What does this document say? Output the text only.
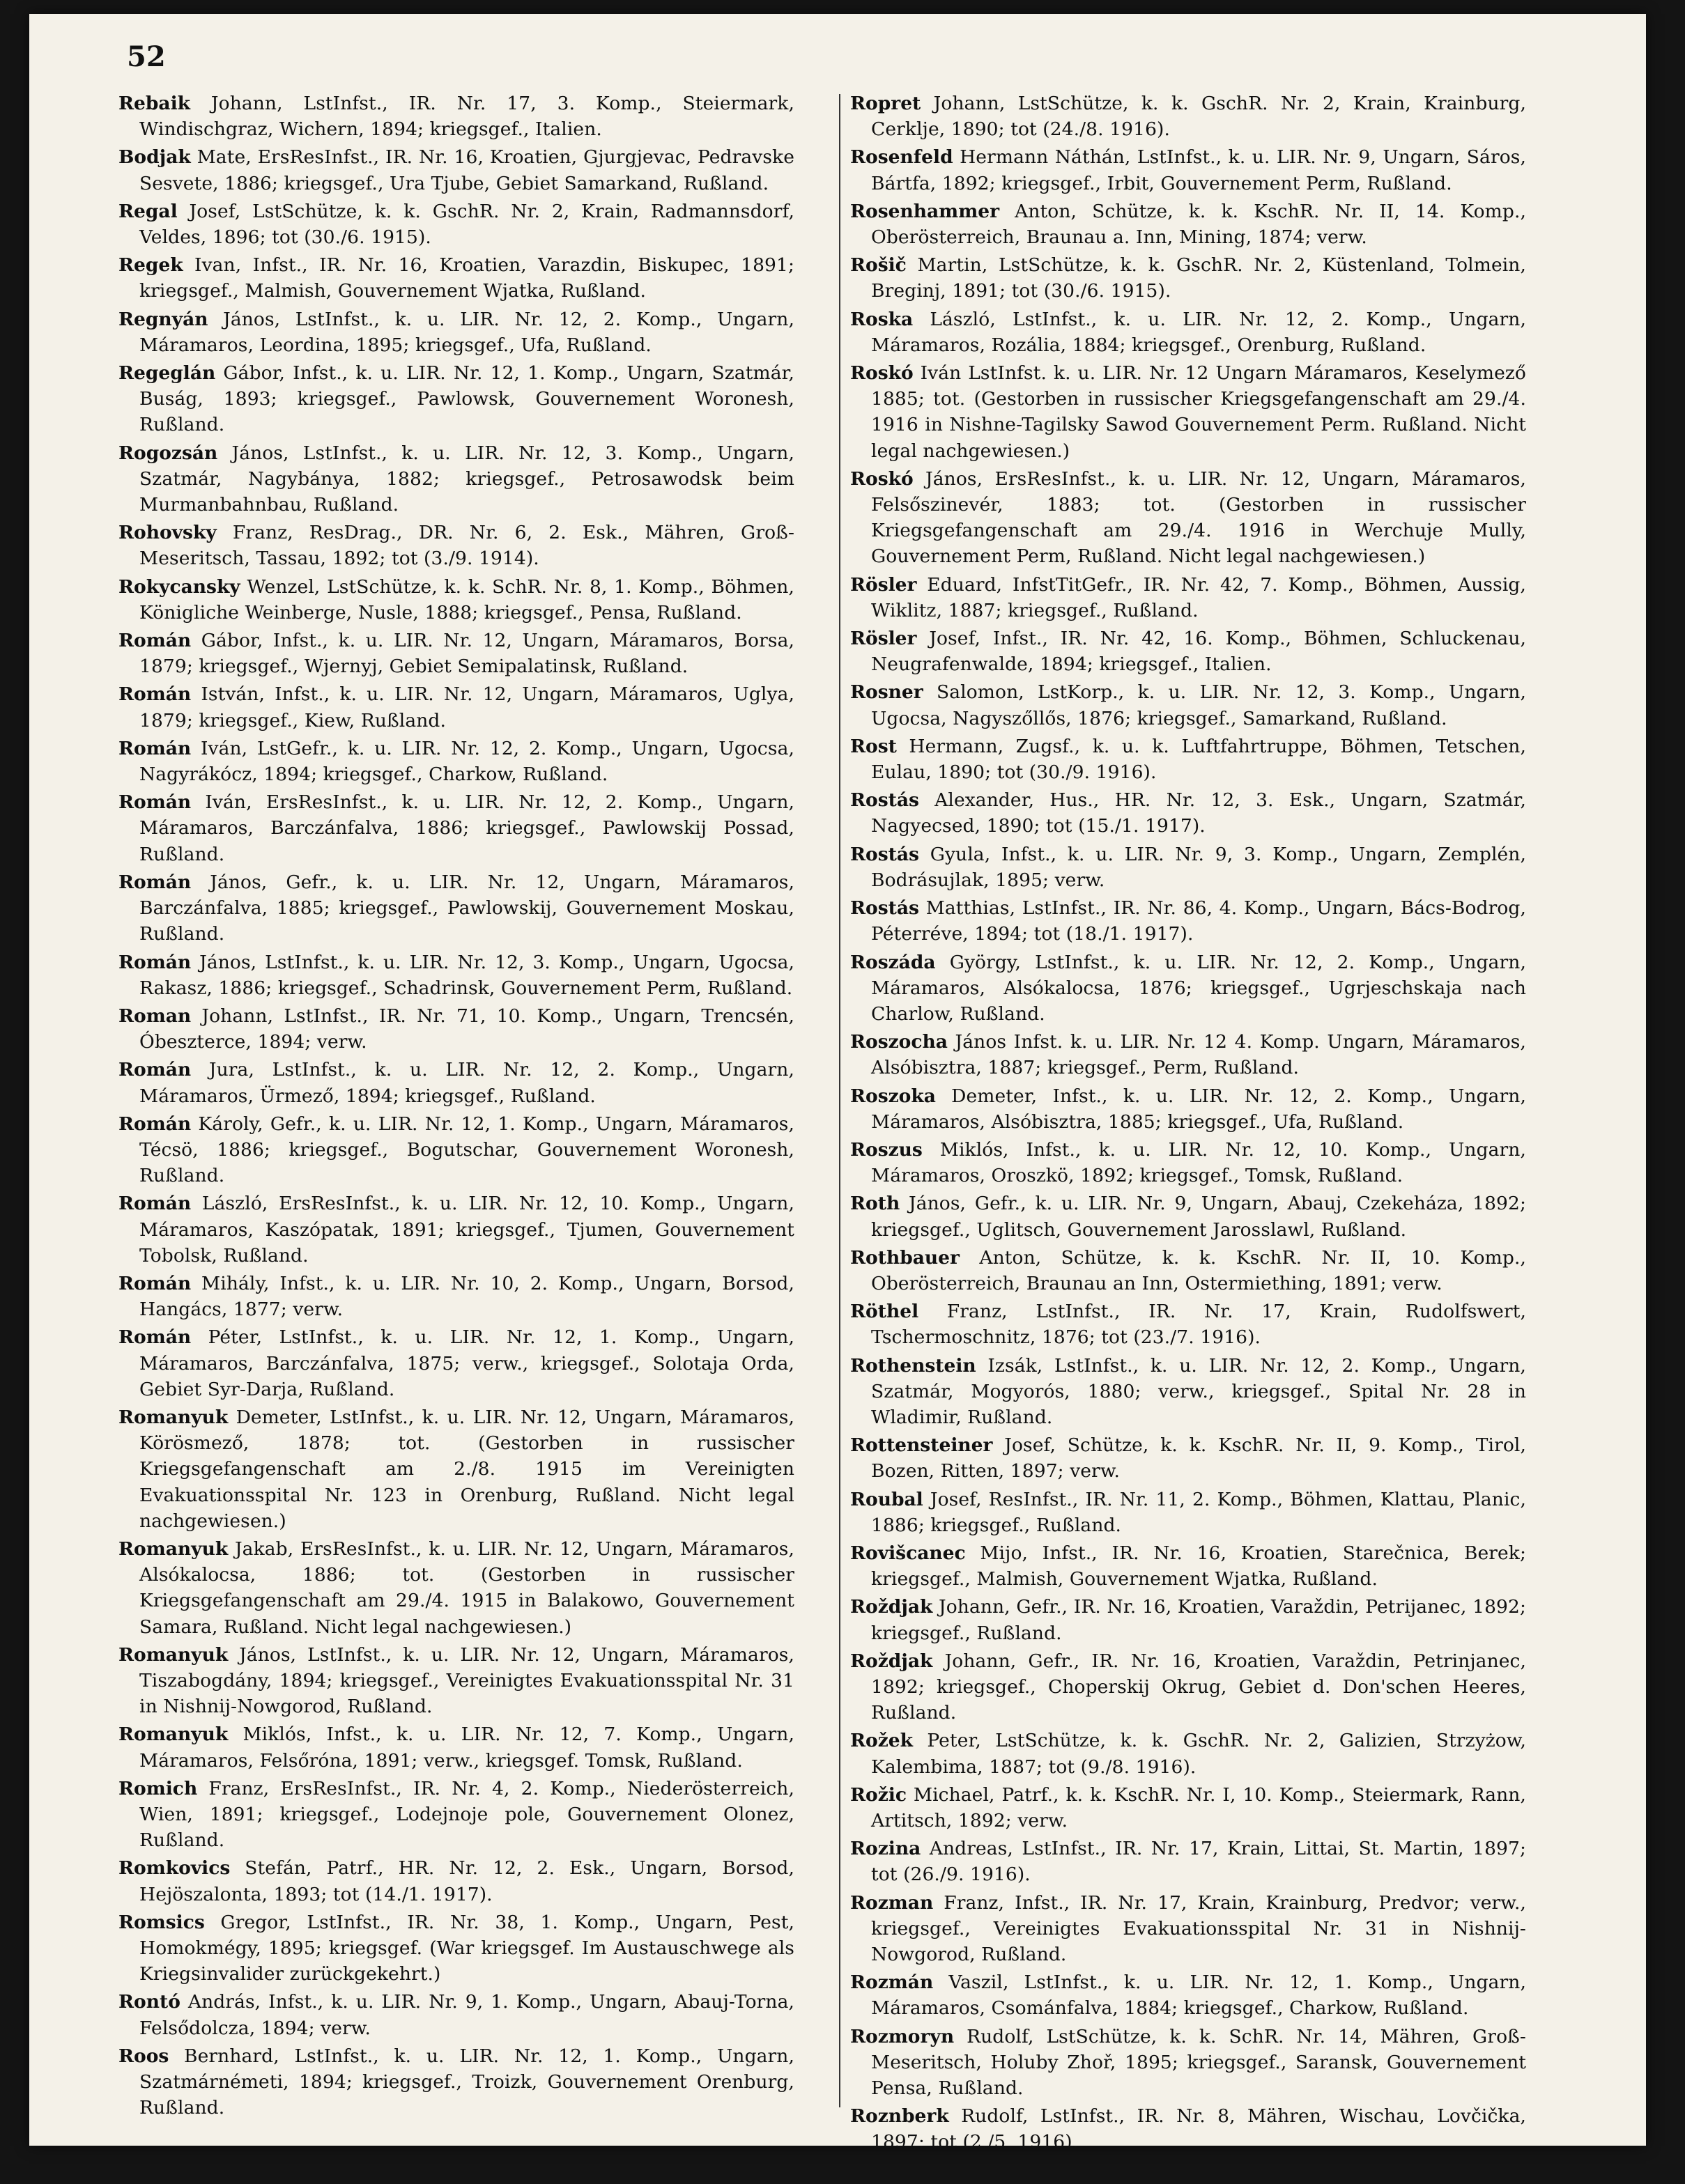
52

Rebaik Johann, LstInfst., IR. Nr. 17, 3. Komp., Steiermark, Windischgraz, Wichern, 1894; kriegsgef., Italien.

Bodjak Mate, ErsResInfst., IR. Nr. 16, Kroatien, Gjurgjevac, Pedravske Sesvete, 1886; kriegsgef., Ura Tjube, Gebiet Samarkand, Rußland.

Regal Josef, LstSchütze, k. k. GschR. Nr. 2, Krain, Radmannsdorf, Veldes, 1896; tot (30./6. 1915).

Regek Ivan, Infst., IR. Nr. 16, Kroatien, Varazdin, Biskupec, 1891; kriegsgef., Malmish, Gouvernement Wjatka, Rußland.

Regnyán János, LstInfst., k. u. LIR. Nr. 12, 2. Komp., Ungarn, Máramaros, Leordina, 1895; kriegsgef., Ufa, Rußland.

Regeglán Gábor, Infst., k. u. LIR. Nr. 12, 1. Komp., Ungarn, Szatmár, Buság, 1893; kriegsgef., Pawlowsk, Gouvernement Woronesh, Rußland.

Rogozsán János, LstInfst., k. u. LIR. Nr. 12, 3. Komp., Ungarn, Szatmár, Nagybánya, 1882; kriegsgef., Petrosawodsk beim Murmanbahnbau, Rußland.

Rohovsky Franz, ResDrag., DR. Nr. 6, 2. Esk., Mähren, Groß-Meseritsch, Tassau, 1892; tot (3./9. 1914).

Rokycansky Wenzel, LstSchütze, k. k. SchR. Nr. 8, 1. Komp., Böhmen, Königliche Weinberge, Nusle, 1888; kriegsgef., Pensa, Rußland.

Román Gábor, Infst., k. u. LIR. Nr. 12, Ungarn, Máramaros, Borsa, 1879; kriegsgef., Wjernyj, Gebiet Semipalatinsk, Rußland.

Román István, Infst., k. u. LIR. Nr. 12, Ungarn, Máramaros, Uglya, 1879; kriegsgef., Kiew, Rußland.

Román Iván, LstGefr., k. u. LIR. Nr. 12, 2. Komp., Ungarn, Ugocsa, Nagyrákócz, 1894; kriegsgef., Charkow, Rußland.

Román Iván, ErsResInfst., k. u. LIR. Nr. 12, 2. Komp., Ungarn, Máramaros, Barczánfalva, 1886; kriegsgef., Pawlowskij Possad, Rußland.

Román János, Gefr., k. u. LIR. Nr. 12, Ungarn, Máramaros, Barczánfalva, 1885; kriegsgef., Pawlowskij, Gouvernement Moskau, Rußland.

Román János, LstInfst., k. u. LIR. Nr. 12, 3. Komp., Ungarn, Ugocsa, Rakasz, 1886; kriegsgef., Schadrinsk, Gouvernement Perm, Rußland.

Roman Johann, LstInfst., IR. Nr. 71, 10. Komp., Ungarn, Trencsén, Óbeszterce, 1894; verw.

Román Jura, LstInfst., k. u. LIR. Nr. 12, 2. Komp., Ungarn, Máramaros, Ürmező, 1894; kriegsgef., Rußland.

Román Károly, Gefr., k. u. LIR. Nr. 12, 1. Komp., Ungarn, Máramaros, Técsö, 1886; kriegsgef., Bogutschar, Gouvernement Woronesh, Rußland.

Román László, ErsResInfst., k. u. LIR. Nr. 12, 10. Komp., Ungarn, Máramaros, Kaszópatak, 1891; kriegsgef., Tjumen, Gouvernement Tobolsk, Rußland.

Román Mihály, Infst., k. u. LIR. Nr. 10, 2. Komp., Ungarn, Borsod, Hangács, 1877; verw.

Román Péter, LstInfst., k. u. LIR. Nr. 12, 1. Komp., Ungarn, Máramaros, Barczánfalva, 1875; verw., kriegsgef., Solotaja Orda, Gebiet Syr-Darja, Rußland.

Romanyuk Demeter, LstInfst., k. u. LIR. Nr. 12, Ungarn, Máramaros, Körösmező, 1878; tot. (Gestorben in russischer Kriegsgefangenschaft am 2./8. 1915 im Vereinigten Evakuationsspital Nr. 123 in Orenburg, Rußland. Nicht legal nachgewiesen.)

Romanyuk Jakab, ErsResInfst., k. u. LIR. Nr. 12, Ungarn, Máramaros, Alsókalocsa, 1886; tot. (Gestorben in russischer Kriegsgefangenschaft am 29./4. 1915 in Balakowo, Gouvernement Samara, Rußland. Nicht legal nachgewiesen.)

Romanyuk János, LstInfst., k. u. LIR. Nr. 12, Ungarn, Máramaros, Tiszabogdány, 1894; kriegsgef., Vereinigtes Evakuationsspital Nr. 31 in Nishnij-Nowgorod, Rußland.

Romanyuk Miklós, Infst., k. u. LIR. Nr. 12, 7. Komp., Ungarn, Máramaros, Felsőróna, 1891; verw., kriegsgef. Tomsk, Rußland.

Romich Franz, ErsResInfst., IR. Nr. 4, 2. Komp., Niederösterreich, Wien, 1891; kriegsgef., Lodejnoje pole, Gouvernement Olonez, Rußland.

Romkovics Stefán, Patrf., HR. Nr. 12, 2. Esk., Ungarn, Borsod, Hejöszalonta, 1893; tot (14./1. 1917).

Romsics Gregor, LstInfst., IR. Nr. 38, 1. Komp., Ungarn, Pest, Homokmégy, 1895; kriegsgef. (War kriegsgef. Im Austauschwege als Kriegsinvalider zurückgekehrt.)

Rontó András, Infst., k. u. LIR. Nr. 9, 1. Komp., Ungarn, Abauj-Torna, Felsődolcza, 1894; verw.

Roos Bernhard, LstInfst., k. u. LIR. Nr. 12, 1. Komp., Ungarn, Szatmárnémeti, 1894; kriegsgef., Troizk, Gouvernement Orenburg, Rußland.

Ropret Johann, LstSchütze, k. k. GschR. Nr. 2, Krain, Krainburg, Cerklje, 1890; tot (24./8. 1916).

Rosenfeld Hermann Náthán, LstInfst., k. u. LIR. Nr. 9, Ungarn, Sáros, Bártfa, 1892; kriegsgef., Irbit, Gouvernement Perm, Rußland.

Rosenhammer Anton, Schütze, k. k. KschR. Nr. II, 14. Komp., Oberösterreich, Braunau a. Inn, Mining, 1874; verw.

Rošič Martin, LstSchütze, k. k. GschR. Nr. 2, Küstenland, Tolmein, Breginj, 1891; tot (30./6. 1915).

Roska László, LstInfst., k. u. LIR. Nr. 12, 2. Komp., Ungarn, Máramaros, Rozália, 1884; kriegsgef., Orenburg, Rußland.

Roskó Iván LstInfst. k. u. LIR. Nr. 12 Ungarn Máramaros, Keselymező 1885; tot. (Gestorben in russischer Kriegsgefangenschaft am 29./4. 1916 in Nishne-Tagilsky Sawod Gouvernement Perm. Rußland. Nicht legal nachgewiesen.)

Roskó János, ErsResInfst., k. u. LIR. Nr. 12, Ungarn, Máramaros, Felsőszinevér, 1883; tot. (Gestorben in russischer Kriegsgefangenschaft am 29./4. 1916 in Werchuje Mully, Gouvernement Perm, Rußland. Nicht legal nachgewiesen.)

Rösler Eduard, InfstTitGefr., IR. Nr. 42, 7. Komp., Böhmen, Aussig, Wiklitz, 1887; kriegsgef., Rußland.

Rösler Josef, Infst., IR. Nr. 42, 16. Komp., Böhmen, Schluckenau, Neugrafenwalde, 1894; kriegsgef., Italien.

Rosner Salomon, LstKorp., k. u. LIR. Nr. 12, 3. Komp., Ungarn, Ugocsa, Nagyszőllős, 1876; kriegsgef., Samarkand, Rußland.

Rost Hermann, Zugsf., k. u. k. Luftfahrtruppe, Böhmen, Tetschen, Eulau, 1890; tot (30./9. 1916).

Rostás Alexander, Hus., HR. Nr. 12, 3. Esk., Ungarn, Szatmár, Nagyecsed, 1890; tot (15./1. 1917).

Rostás Gyula, Infst., k. u. LIR. Nr. 9, 3. Komp., Ungarn, Zemplén, Bodrásujlak, 1895; verw.

Rostás Matthias, LstInfst., IR. Nr. 86, 4. Komp., Ungarn, Bács-Bodrog, Péterréve, 1894; tot (18./1. 1917).

Roszáda György, LstInfst., k. u. LIR. Nr. 12, 2. Komp., Ungarn, Máramaros, Alsókalocsa, 1876; kriegsgef., Ugrjeschskaja nach Charlow, Rußland.

Roszocha János Infst. k. u. LIR. Nr. 12 4. Komp. Ungarn, Máramaros, Alsóbisztra, 1887; kriegsgef., Perm, Rußland.

Roszoka Demeter, Infst., k. u. LIR. Nr. 12, 2. Komp., Ungarn, Máramaros, Alsóbisztra, 1885; kriegsgef., Ufa, Rußland.

Roszus Miklós, Infst., k. u. LIR. Nr. 12, 10. Komp., Ungarn, Máramaros, Oroszkö, 1892; kriegsgef., Tomsk, Rußland.

Roth János, Gefr., k. u. LIR. Nr. 9, Ungarn, Abauj, Czekeháza, 1892; kriegsgef., Uglitsch, Gouvernement Jarosslawl, Rußland.

Rothbauer Anton, Schütze, k. k. KschR. Nr. II, 10. Komp., Oberösterreich, Braunau an Inn, Ostermiething, 1891; verw.

Röthel Franz, LstInfst., IR. Nr. 17, Krain, Rudolfswert, Tschermoschnitz, 1876; tot (23./7. 1916).

Rothenstein Izsák, LstInfst., k. u. LIR. Nr. 12, 2. Komp., Ungarn, Szatmár, Mogyorós, 1880; verw., kriegsgef., Spital Nr. 28 in Wladimir, Rußland.

Rottensteiner Josef, Schütze, k. k. KschR. Nr. II, 9. Komp., Tirol, Bozen, Ritten, 1897; verw.

Roubal Josef, ResInfst., IR. Nr. 11, 2. Komp., Böhmen, Klattau, Planic, 1886; kriegsgef., Rußland.

Rovišcanec Mijo, Infst., IR. Nr. 16, Kroatien, Starečnica, Berek; kriegsgef., Malmish, Gouvernement Wjatka, Rußland.

Roždjak Johann, Gefr., IR. Nr. 16, Kroatien, Varaždin, Petrijanec, 1892; kriegsgef., Rußland.

Roždjak Johann, Gefr., IR. Nr. 16, Kroatien, Varaždin, Petrinjanec, 1892; kriegsgef., Choperskij Okrug, Gebiet d. Don'schen Heeres, Rußland.

Rožek Peter, LstSchütze, k. k. GschR. Nr. 2, Galizien, Strzyżow, Kalembima, 1887; tot (9./8. 1916).

Rožic Michael, Patrf., k. k. KschR. Nr. I, 10. Komp., Steiermark, Rann, Artitsch, 1892; verw.

Rozina Andreas, LstInfst., IR. Nr. 17, Krain, Littai, St. Martin, 1897; tot (26./9. 1916).

Rozman Franz, Infst., IR. Nr. 17, Krain, Krainburg, Predvor; verw., kriegsgef., Vereinigtes Evakuationsspital Nr. 31 in Nishnij-Nowgorod, Rußland.

Rozmán Vaszil, LstInfst., k. u. LIR. Nr. 12, 1. Komp., Ungarn, Máramaros, Csománfalva, 1884; kriegsgef., Charkow, Rußland.

Rozmoryn Rudolf, LstSchütze, k. k. SchR. Nr. 14, Mähren, Groß-Meseritsch, Holuby Zhoř, 1895; kriegsgef., Saransk, Gouvernement Pensa, Rußland.

Roznberk Rudolf, LstInfst., IR. Nr. 8, Mähren, Wischau, Lovčička, 1897; tot (2./5. 1916).
